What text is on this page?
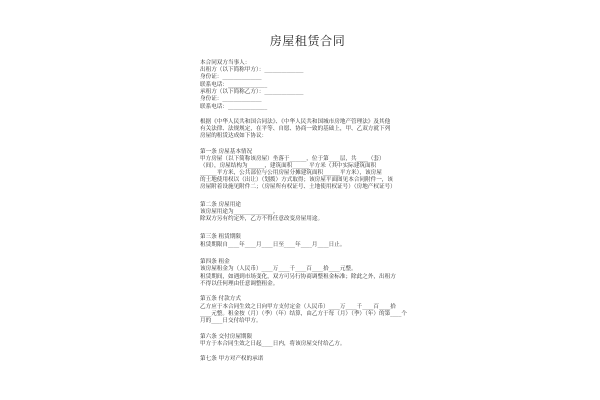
房屋租赁合同
本合同双方当事人：
出租方（以下简称甲方）：______________
身份证：______________
联系电话：______________
承租方（以下简称乙方）：______________
身份证：______________
联系电话：______________
根据《中华人民共和国合同法》、《中华人民共和国城市房地产管理法》及其他
有关法律、法规规定，在平等、自愿、协商一致的基础上，甲、乙双方就下列
房屋的租赁达成如下协议：
第一条 房屋基本情况
甲方房屋（以下简称该房屋）坐落于______，位于第____层，共____（套）
（间），房屋结构为______，建筑面积______平方米（其中实际建筑面积
______平方米，公共部位与公用房屋分摊建筑面积______平方米），该房屋
的土地使用权以（出让）（划拨）方式取得；该房屋平面图见本合同附件一，该
房屋附着设施见附件二；（房屋所有权证号、土地使用权证号）（房地产权证号）
第二条 房屋用途
该房屋用途为______________。
除双方另有约定外，乙方不得任意改变房屋用途。
第三条 租赁期限
租赁期限自____年____月____日至____年____月____日止。
第四条 租金
该房屋租金为（人民币）____万____千____百____拾____元整。
租赁期间，如遇到市场变化，双方可另行协商调整租金标准；除此之外，出租方
不得以任何理由任意调整租金。
第五条 付款方式
乙方应于本合同生效之日向甲方支付定金（人民币）____万____千____百____拾
____元整。租金按（月）（季）（年）结算，由乙方于每（月）（季）（年）的第____个
月的____日交付给甲方。
第六条 交付房屋期限
甲方于本合同生效之日起____日内，将该房屋交付给乙方。
第七条 甲方对产权的承诺
